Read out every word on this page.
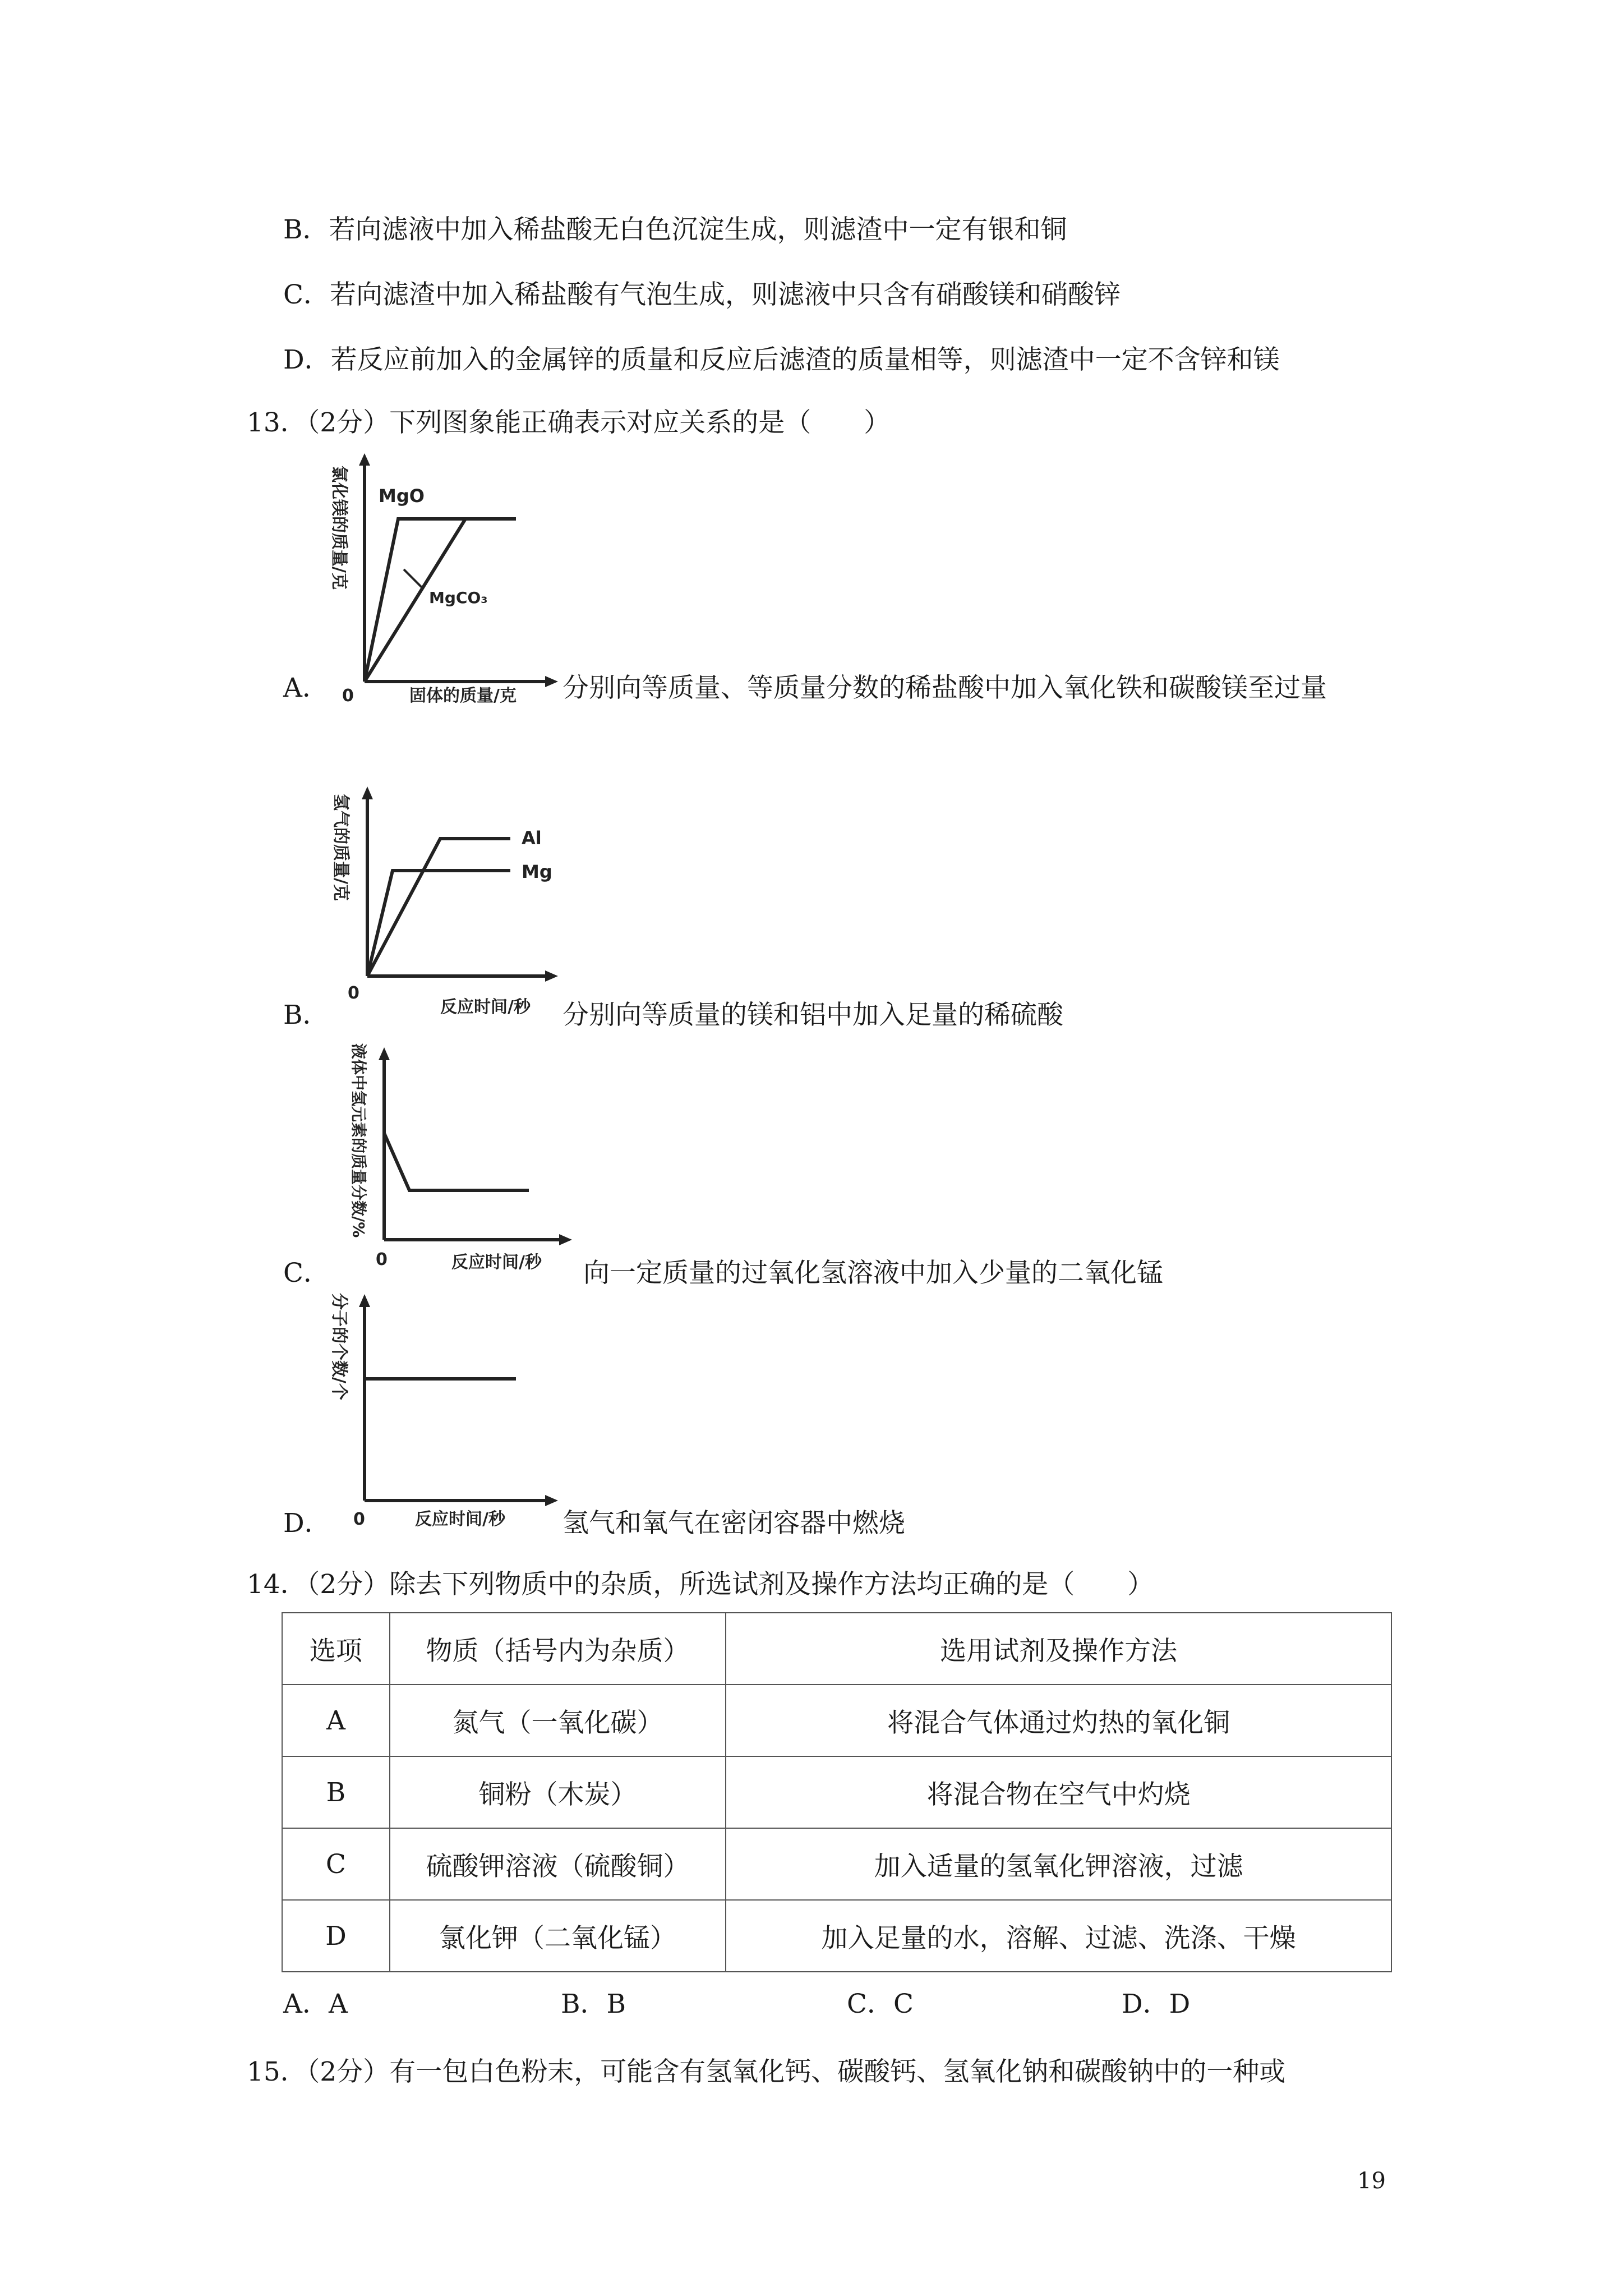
B．若向滤液中加入稀盐酸无白色沉淀生成，则滤渣中一定有银和铜
C．若向滤渣中加入稀盐酸有气泡生成，则滤液中只含有硝酸镁和硝酸锌
D．若反应前加入的金属锌的质量和反应后滤渣的质量相等，则滤渣中一定不含锌和镁
13．（2分）下列图象能正确表示对应关系的是（　　）
MgO
MgCO₃
0	固体的质量/克
氯化镁的质量/克
A．	分别向等质量、等质量分数的稀盐酸中加入氧化铁和碳酸镁至过量
Al
Mg
0
反应时间/秒
氢气的质量/克
B．	分别向等质量的镁和铝中加入足量的稀硫酸
0	反应时间/秒
液体中氢元素的质量分数/%
C．	向一定质量的过氧化氢溶液中加入少量的二氧化锰
0	反应时间/秒
分子的个数/个
D．	氢气和氧气在密闭容器中燃烧
14．（2分）除去下列物质中的杂质，所选试剂及操作方法均正确的是（　　）
选项	物质（括号内为杂质）	选用试剂及操作方法
A	氮气（一氧化碳）	将混合气体通过灼热的氧化铜
B	铜粉（木炭）	将混合物在空气中灼烧
C	硫酸钾溶液（硫酸铜）	加入适量的氢氧化钾溶液，过滤
D	氯化钾（二氧化锰）	加入足量的水，溶解、过滤、洗涤、干燥
A．A	B．B	C．C	D．D
15．（2分）有一包白色粉末，可能含有氢氧化钙、碳酸钙、氢氧化钠和碳酸钠中的一种或
19
